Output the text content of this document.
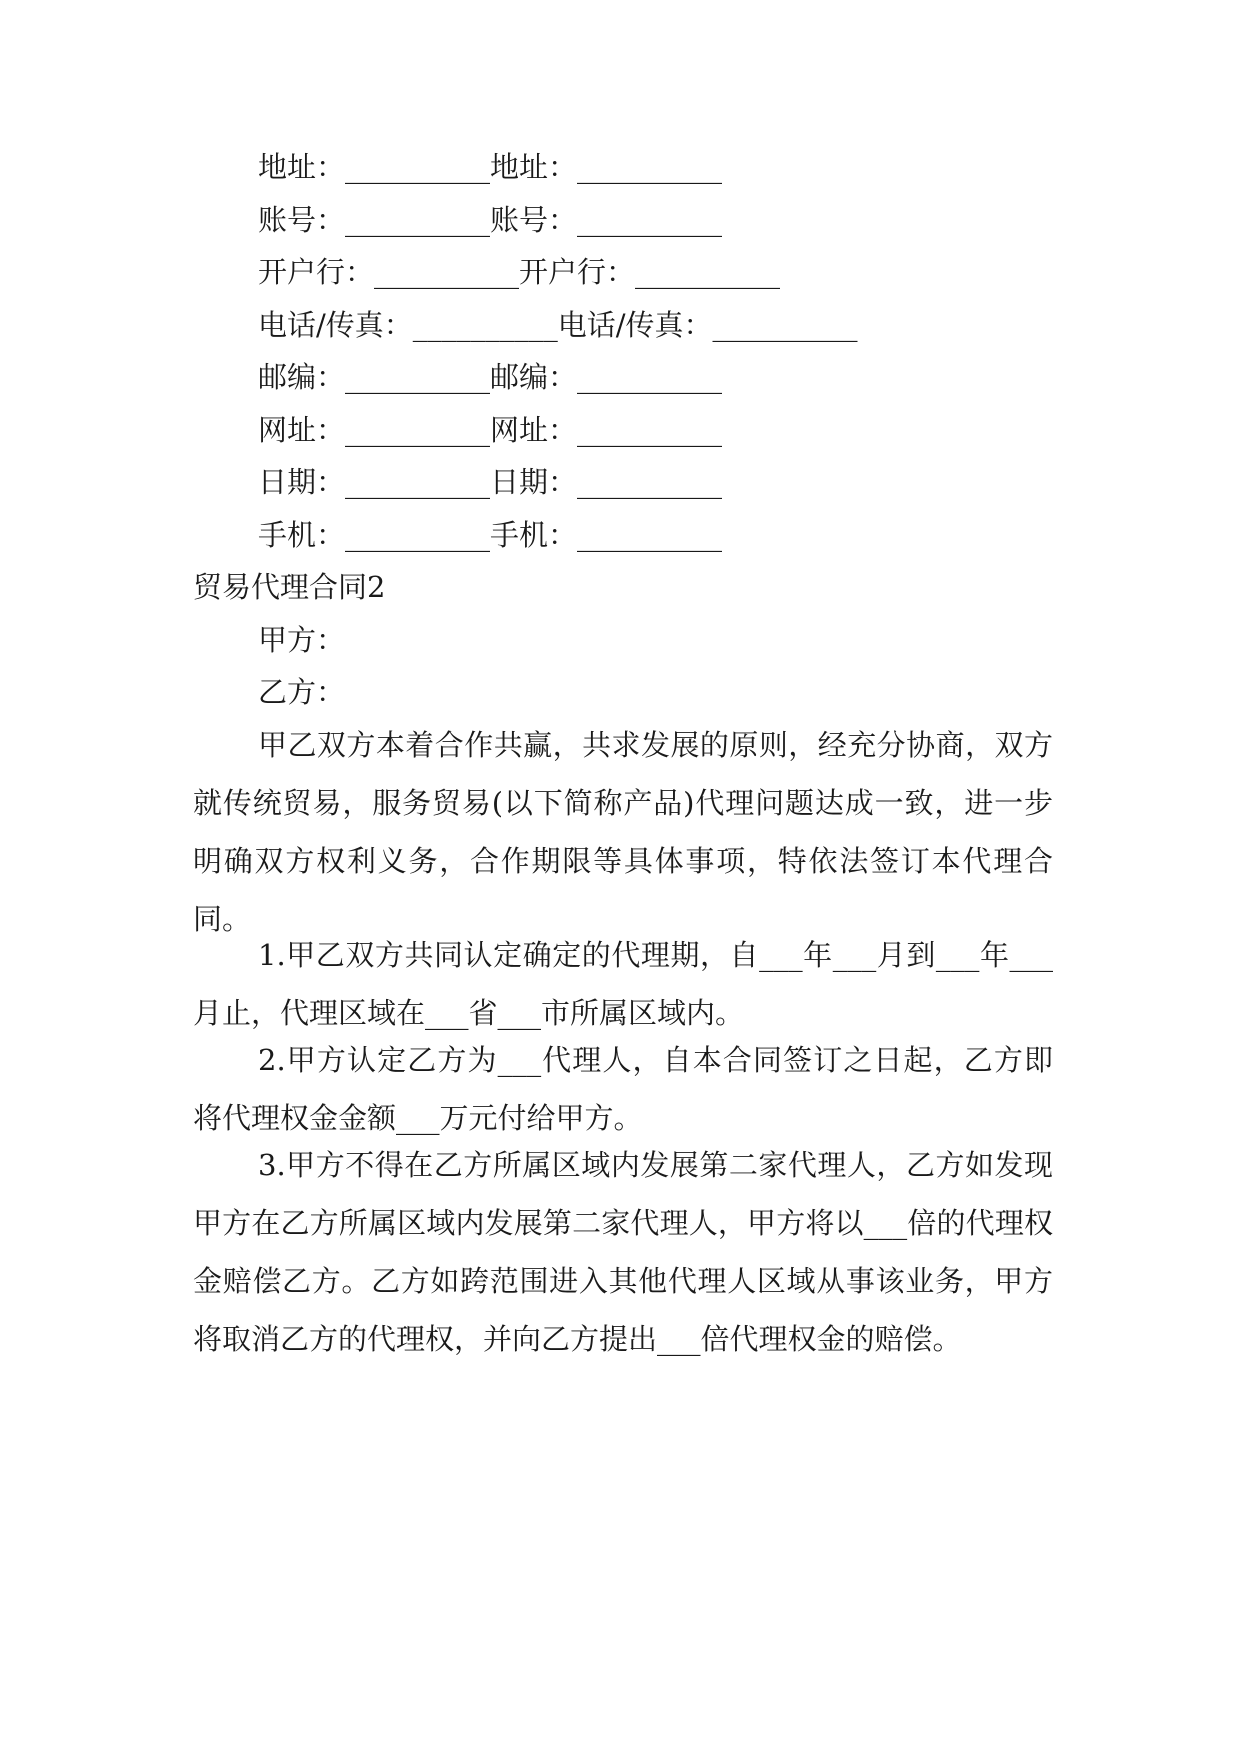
地址：__________地址：__________
账号：__________账号：__________
开户行：__________开户行：__________
电话/传真：__________电话/传真：__________
邮编：__________邮编：__________
网址：__________网址：__________
日期：__________日期：__________
手机：__________手机：__________
贸易代理合同2
甲方：
乙方：

甲乙双方本着合作共赢，共求发展的原则，经充分协商，双方就传统贸易，服务贸易(以下简称产品)代理问题达成一致，进一步明确双方权利义务，合作期限等具体事项，特依法签订本代理合同。

1.甲乙双方共同认定确定的代理期，自___年___月到___年___月止，代理区域在___省___市所属区域内。

2.甲方认定乙方为___代理人，自本合同签订之日起，乙方即将代理权金金额___万元付给甲方。

3.甲方不得在乙方所属区域内发展第二家代理人，乙方如发现甲方在乙方所属区域内发展第二家代理人，甲方将以___倍的代理权金赔偿乙方。乙方如跨范围进入其他代理人区域从事该业务，甲方将取消乙方的代理权，并向乙方提出___倍代理权金的赔偿。
